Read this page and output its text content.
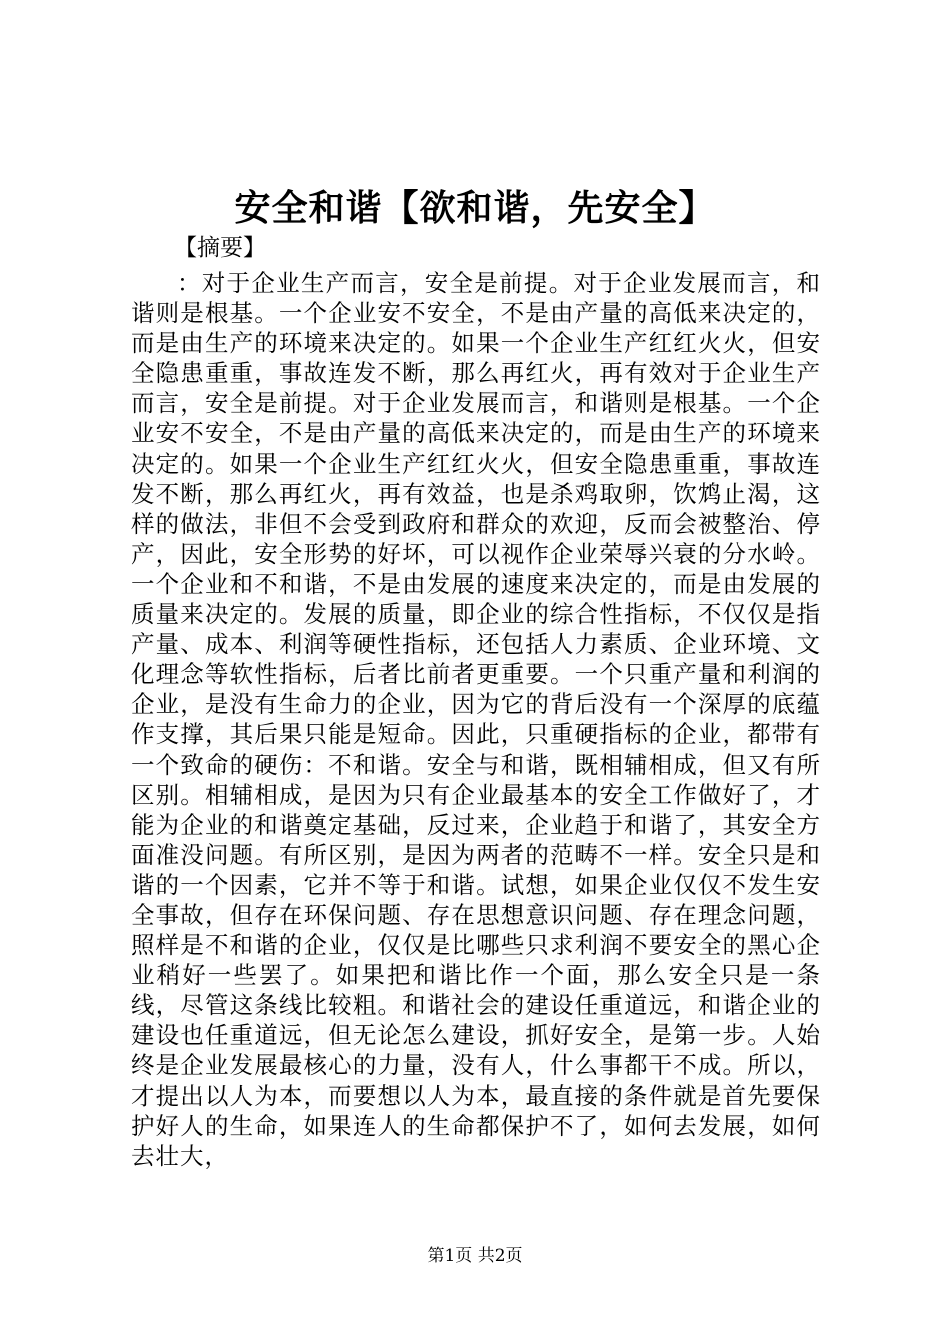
安全和谐【欲和谐，先安全】

【摘要】

：对于企业生产而言，安全是前提。对于企业发展而言，和谐则是根基。一个企业安不安全，不是由产量的高低来决定的，而是由生产的环境来决定的。如果一个企业生产红红火火，但安全隐患重重，事故连发不断，那么再红火，再有效对于企业生产而言，安全是前提。对于企业发展而言，和谐则是根基。一个企业安不安全，不是由产量的高低来决定的，而是由生产的环境来决定的。如果一个企业生产红红火火，但安全隐患重重，事故连发不断，那么再红火，再有效益，也是杀鸡取卵，饮鸩止渴，这样的做法，非但不会受到政府和群众的欢迎，反而会被整治、停产，因此，安全形势的好坏，可以视作企业荣辱兴衰的分水岭。一个企业和不和谐，不是由发展的速度来决定的，而是由发展的质量来决定的。发展的质量，即企业的综合性指标，不仅仅是指产量、成本、利润等硬性指标，还包括人力素质、企业环境、文化理念等软性指标，后者比前者更重要。一个只重产量和利润的企业，是没有生命力的企业，因为它的背后没有一个深厚的底蕴作支撑，其后果只能是短命。因此，只重硬指标的企业，都带有一个致命的硬伤：不和谐。安全与和谐，既相辅相成，但又有所区别。相辅相成，是因为只有企业最基本的安全工作做好了，才能为企业的和谐奠定基础，反过来，企业趋于和谐了，其安全方面准没问题。有所区别，是因为两者的范畴不一样。安全只是和谐的一个因素，它并不等于和谐。试想，如果企业仅仅不发生安全事故，但存在环保问题、存在思想意识问题、存在理念问题，照样是不和谐的企业，仅仅是比哪些只求利润不要安全的黑心企业稍好一些罢了。如果把和谐比作一个面，那么安全只是一条线，尽管这条线比较粗。和谐社会的建设任重道远，和谐企业的建设也任重道远，但无论怎么建设，抓好安全，是第一步。人始终是企业发展最核心的力量，没有人，什么事都干不成。所以，才提出以人为本，而要想以人为本，最直接的条件就是首先要保护好人的生命，如果连人的生命都保护不了，如何去发展，如何去壮大，

第1页 共2页
